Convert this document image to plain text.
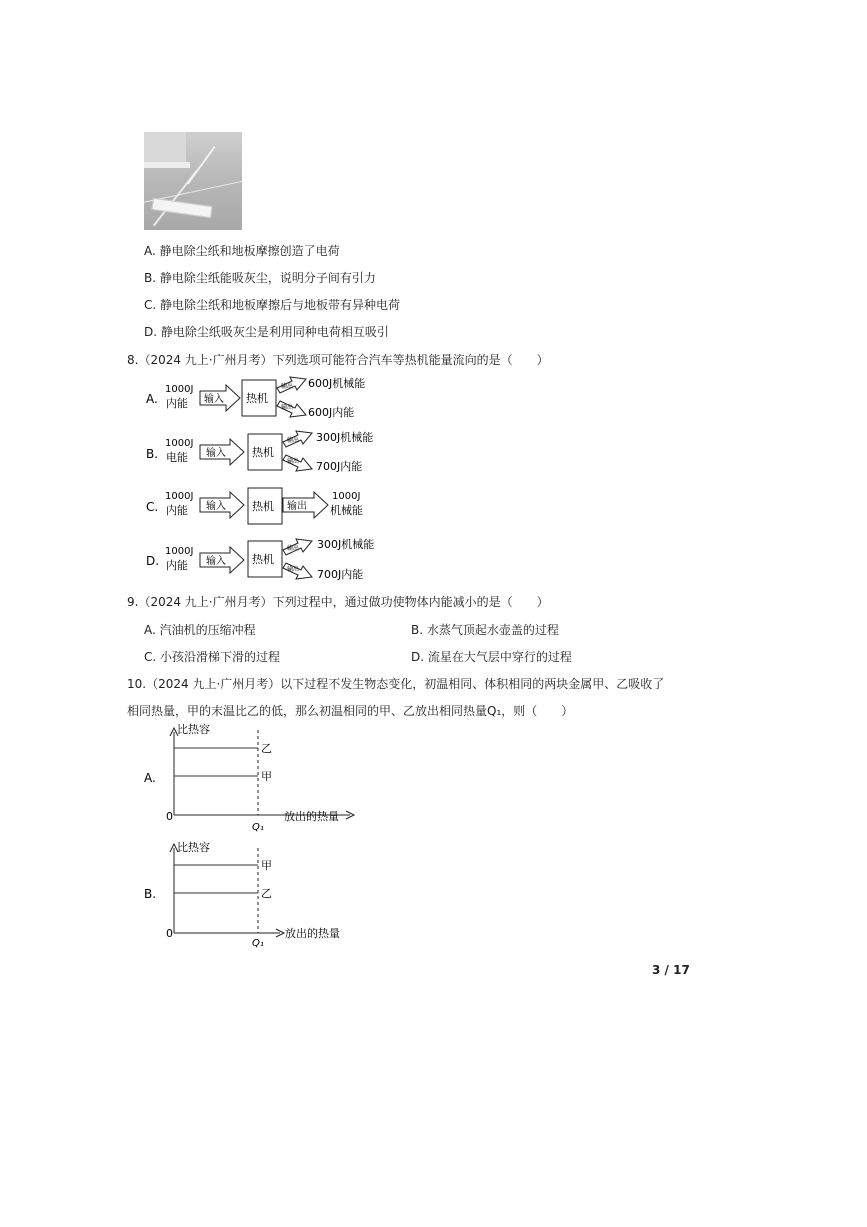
A. 静电除尘纸和地板摩擦创造了电荷
B. 静电除尘纸能吸灰尘，说明分子间有引力
C. 静电除尘纸和地板摩擦后与地板带有异种电荷
D. 静电除尘纸吸灰尘是利用同种电荷相互吸引
8.（2024 九上·广州月考）下列选项可能符合汽车等热机能量流向的是（　　）
A.
1000J
内能 输入 热机
输出
输出
600J机械能
600J内能
B.
1000J
电能 输入 热机
输出
输出
300J机械能
700J内能
C.
1000J
内能 输入 热机 输出
1000J
机械能
D.
1000J
内能 输入 热机
输出
输出
300J机械能
700J内能
9.（2024 九上·广州月考）下列过程中，通过做功使物体内能减小的是（　　）
A. 汽油机的压缩冲程	B. 水蒸气顶起水壶盖的过程
C. 小孩沿滑梯下滑的过程	D. 流星在大气层中穿行的过程
10.（2024 九上·广州月考）以下过程不发生物态变化，初温相同、体积相同的两块金属甲、乙吸收了
相同热量，甲的末温比乙的低，那么初温相同的甲、乙放出相同热量Q₁，则（　　）
A.
比热容
放出的热量
0
Q₁
乙
甲
B.
比热容
放出的热量
0
Q₁
甲
乙
3 / 17
